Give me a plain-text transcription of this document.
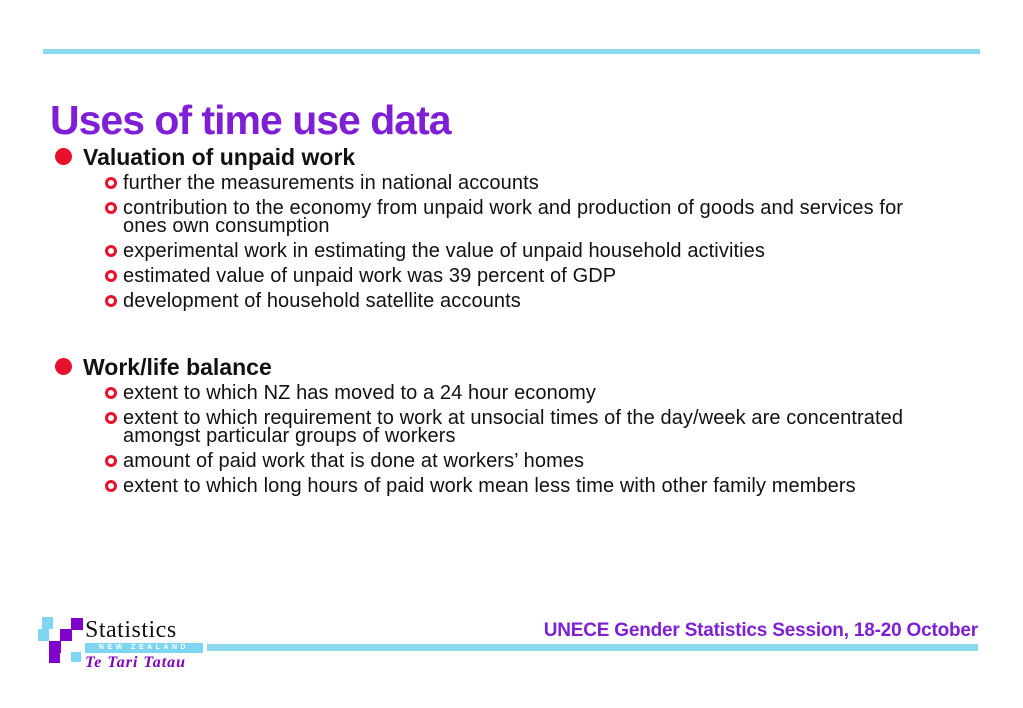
Uses of time use data
Valuation of unpaid work
further the measurements in national accounts
contribution to the economy from unpaid work and production of goods and services for ones own consumption
experimental work in estimating the value of unpaid household activities
estimated value of unpaid work was 39 percent of GDP
development of household satellite accounts
Work/life balance
extent to which NZ has moved to a 24 hour economy
extent to which requirement to work at unsocial times of the day/week are concentrated amongst particular groups of workers
amount of paid work that is done at workers’ homes
extent to which long hours of paid work mean less time with other family members
Statistics
NEW ZEALAND
Te Tari Tatau
UNECE Gender Statistics Session, 18-20 October
